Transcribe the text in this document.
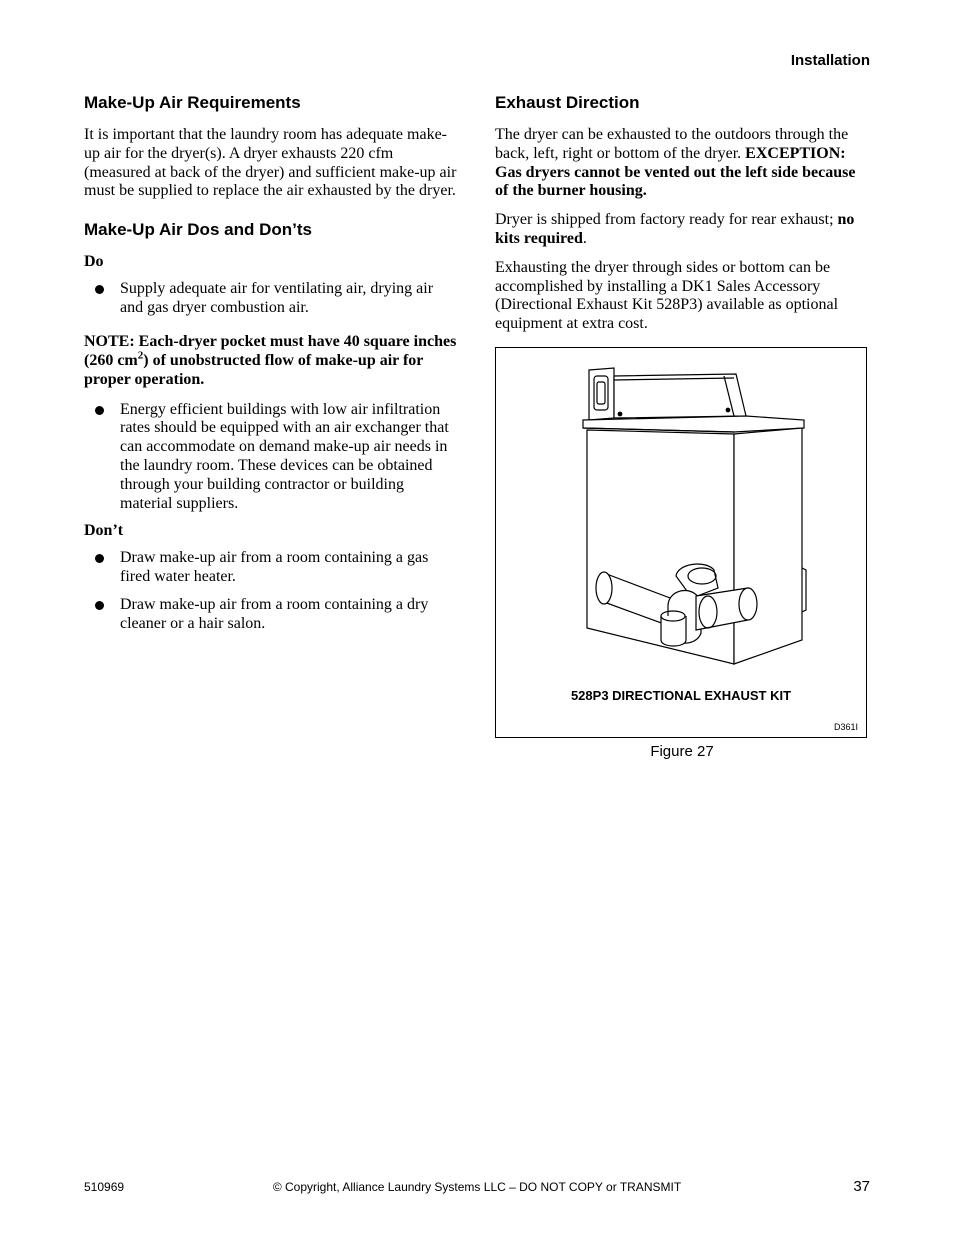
Installation
Make-Up Air Requirements

It is important that the laundry room has adequate make-up air for the dryer(s). A dryer exhausts 220 cfm (measured at back of the dryer) and sufficient make-up air must be supplied to replace the air exhausted by the dryer.

Make-Up Air Dos and Don’ts
Do
Supply adequate air for ventilating air, drying air and gas dryer combustion air.
NOTE: Each-dryer pocket must have 40 square inches (260 $cm^2$) of unobstructed flow of make-up air for proper operation.
Energy efficient buildings with low air infiltration rates should be equipped with an air exchanger that can accommodate on demand make-up air needs in the laundry room. These devices can be obtained through your building contractor or building material suppliers.
Don’t
Draw make-up air from a room containing a gas fired water heater.
Draw make-up air from a room containing a dry cleaner or a hair salon.
Exhaust Direction

The dryer can be exhausted to the outdoors through the back, left, right or bottom of the dryer. EXCEPTION: Gas dryers cannot be vented out the left side because of the burner housing.

Dryer is shipped from factory ready for rear exhaust; no kits required.

Exhausting the dryer through sides or bottom can be accomplished by installing a DK1 Sales Accessory (Directional Exhaust Kit 528P3) available as optional equipment at extra cost.

528P3 DIRECTIONAL EXHAUST KIT
D361I
Figure 27
510969	© Copyright, Alliance Laundry Systems LLC – DO NOT COPY or TRANSMIT	37
